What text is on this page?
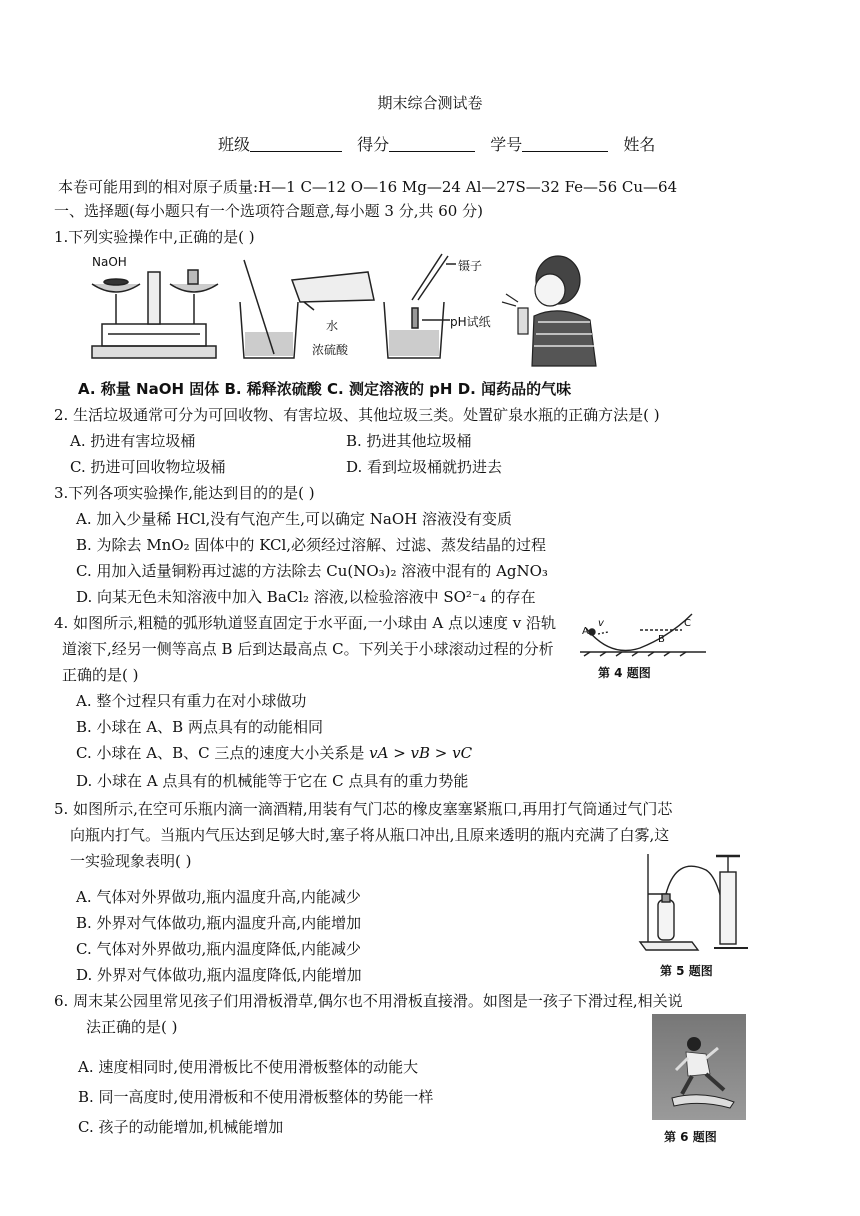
期末综合测试卷
班级	得分	学号	姓名
本卷可能用到的相对原子质量:H—1 C—12 O—16 Mg—24 Al—27S—32 Fe—56 Cu—64
一、选择题(每小题只有一个选项符合题意,每小题 3 分,共 60 分)
1.下列实验操作中,正确的是( )
NaOH
水
浓硫酸
镊子
pH试纸
A. 称量 NaOH 固体 B. 稀释浓硫酸 C. 测定溶液的 pH D. 闻药品的气味
2. 生活垃圾通常可分为可回收物、有害垃圾、其他垃圾三类。处置矿泉水瓶的正确方法是( )
A. 扔进有害垃圾桶	B. 扔进其他垃圾桶
C. 扔进可回收物垃圾桶	D. 看到垃圾桶就扔进去
3.下列各项实验操作,能达到目的的是( )
A. 加入少量稀 HCl,没有气泡产生,可以确定 NaOH 溶液没有变质
B. 为除去 MnO₂ 固体中的 KCl,必须经过溶解、过滤、蒸发结晶的过程
C. 用加入适量铜粉再过滤的方法除去 Cu(NO₃)₂ 溶液中混有的 AgNO₃
D. 向某无色未知溶液中加入 BaCl₂ 溶液,以检验溶液中 SO²⁻₄ 的存在
4. 如图所示,粗糙的弧形轨道竖直固定于水平面,一小球由 A 点以速度 v 沿轨
道滚下,经另一侧等高点 B 后到达最高点 C。下列关于小球滚动过程的分析
正确的是( )
A
v
B
C
第 4 题图
A. 整个过程只有重力在对小球做功
B. 小球在 A、B 两点具有的动能相同
C. 小球在 A、B、C 三点的速度大小关系是 vA > vB > vC
D. 小球在 A 点具有的机械能等于它在 C 点具有的重力势能
5. 如图所示,在空可乐瓶内滴一滴酒精,用装有气门芯的橡皮塞塞紧瓶口,再用打气筒通过气门芯
向瓶内打气。当瓶内气压达到足够大时,塞子将从瓶口冲出,且原来透明的瓶内充满了白雾,这
一实验现象表明( )
第 5 题图
A. 气体对外界做功,瓶内温度升高,内能减少
B. 外界对气体做功,瓶内温度升高,内能增加
C. 气体对外界做功,瓶内温度降低,内能减少
D. 外界对气体做功,瓶内温度降低,内能增加
6. 周末某公园里常见孩子们用滑板滑草,偶尔也不用滑板直接滑。如图是一孩子下滑过程,相关说
法正确的是( )
第 6 题图
A. 速度相同时,使用滑板比不使用滑板整体的动能大
B. 同一高度时,使用滑板和不使用滑板整体的势能一样
C. 孩子的动能增加,机械能增加
